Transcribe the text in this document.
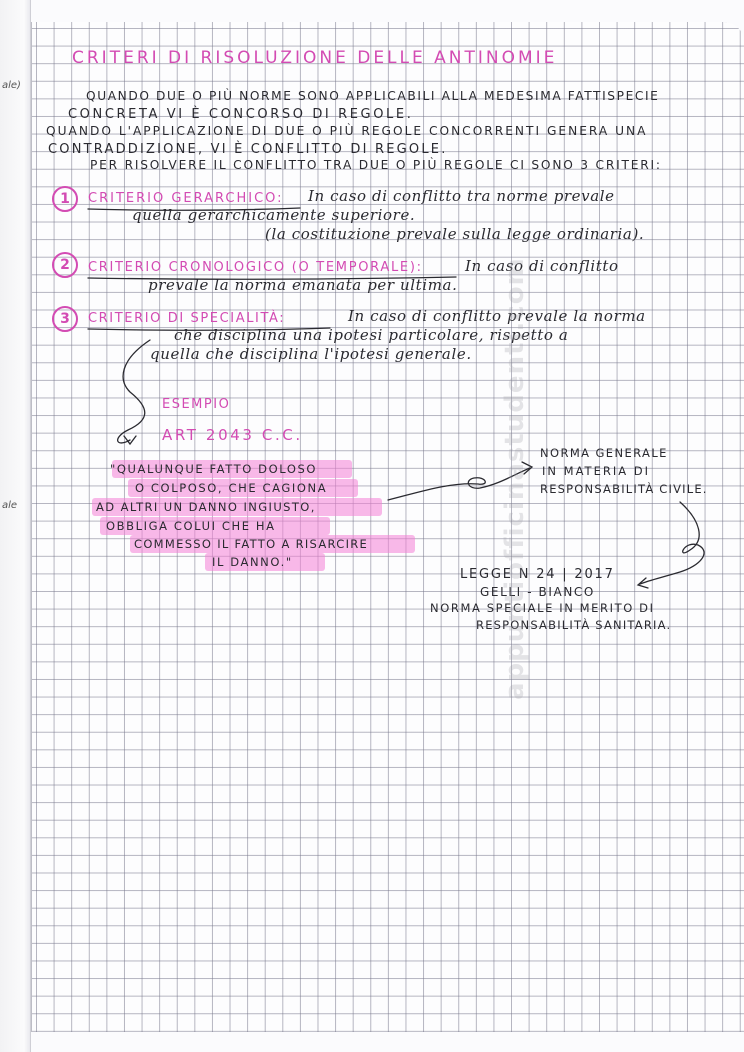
ale)
ale
CRITERI DI RISOLUZIONE DELLE ANTINOMIE
QUANDO DUE O PIÙ NORME SONO APPLICABILI ALLA MEDESIMA FATTISPECIE
CONCRETA VI È CONCORSO DI REGOLE.
QUANDO L'APPLICAZIONE DI DUE O PIÙ REGOLE CONCORRENTI GENERA UNA
CONTRADDIZIONE, VI È CONFLITTO DI REGOLE.
PER RISOLVERE IL CONFLITTO TRA DUE O PIÙ REGOLE CI SONO 3 CRITERI:
1	CRITERIO GERARCHICO: In caso di conflitto tra norme prevale
quella gerarchicamente superiore.
(la costituzione prevale sulla legge ordinaria).
2	CRITERIO CRONOLOGICO (O TEMPORALE):	In caso di conflitto
prevale la norma emanata per ultima.
3	CRITERIO DI SPECIALITÀ:	In caso di conflitto prevale la norma
che disciplina una ipotesi particolare, rispetto a
quella che disciplina l'ipotesi generale.
ESEMPIO
ART 2043 C.C.
"QUALUNQUE FATTO DOLOSO
O COLPOSO, CHE CAGIONA
AD ALTRI UN DANNO INGIUSTO,
OBBLIGA COLUI CHE HA
COMMESSO IL FATTO A RISARCIRE
IL DANNO."
NORMA GENERALE
IN MATERIA DI
RESPONSABILITÀ CIVILE.
LEGGE N 24 | 2017
GELLI - BIANCO
NORMA SPECIALE IN MERITO DI
RESPONSABILITÀ SANITARIA.
appuntiofficinastudenti.com
